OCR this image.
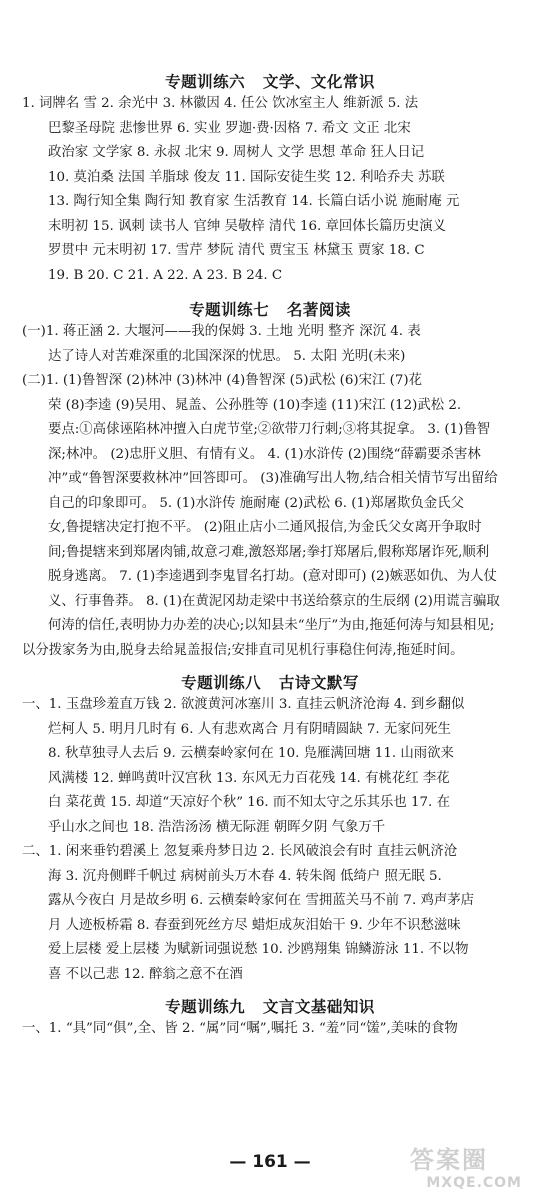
专题训练六   文学、文化常识

1. 词牌名 雪 2. 余光中 3. 林徽因 4. 任公 饮冰室主人 维新派 5. 法

巴黎圣母院 悲惨世界 6. 实业 罗迦·费·因格 7. 希文 文正 北宋

政治家 文学家 8. 永叔 北宋 9. 周树人 文学 思想 革命 狂人日记

10. 莫泊桑 法国 羊脂球 俊友 11. 国际安徒生奖 12. 利哈乔夫 苏联

13. 陶行知全集 陶行知 教育家 生活教育 14. 长篇白话小说 施耐庵 元

末明初 15. 讽刺 读书人 官绅 吴敬梓 清代 16. 章回体长篇历史演义

罗贯中 元末明初 17. 雪芹 梦阮 清代 贾宝玉 林黛玉 贾家 18. C

19. B 20. C 21. A 22. A 23. B 24. C

专题训练七   名著阅读

(一)1. 蒋正涵 2. 大堰河——我的保姆 3. 土地 光明 整齐 深沉 4. 表

达了诗人对苦难深重的北国深深的忧思。 5. 太阳 光明(未来)

(二)1. (1)鲁智深 (2)林冲 (3)林冲 (4)鲁智深 (5)武松 (6)宋江 (7)花

荣 (8)李逵 (9)吴用、晁盖、公孙胜等 (10)李逵 (11)宋江 (12)武松 2.

要点:①高俅诬陷林冲擅入白虎节堂;②欲带刀行刺;③将其捉拿。 3. (1)鲁智

深;林冲。 (2)忠肝义胆、有情有义。 4. (1)水浒传 (2)围绕“薛霸要杀害林

冲”或“鲁智深要救林冲”回答即可。 (3)准确写出人物,结合相关情节写出留给

自己的印象即可。 5. (1)水浒传 施耐庵 (2)武松 6. (1)郑屠欺负金氏父

女,鲁提辖决定打抱不平。 (2)阻止店小二通风报信,为金氏父女离开争取时

间;鲁提辖来到郑屠肉铺,故意刁难,激怒郑屠;拳打郑屠后,假称郑屠诈死,顺利

脱身逃离。 7. (1)李逵遇到李鬼冒名打劫。(意对即可) (2)嫉恶如仇、为人仗

义、行事鲁莽。 8. (1)在黄泥冈劫走梁中书送给蔡京的生辰纲 (2)用谎言骗取

何涛的信任,表明协力办差的决心;以知县未“坐厅”为由,拖延何涛与知县相见;

以分拨家务为由,脱身去给晁盖报信;安排直司见机行事稳住何涛,拖延时间。

专题训练八   古诗文默写

一、1. 玉盘珍羞直万钱 2. 欲渡黄河冰塞川 3. 直挂云帆济沧海 4. 到乡翻似

烂柯人 5. 明月几时有 6. 人有悲欢离合 月有阴晴圆缺 7. 无家问死生

8. 秋草独寻人去后 9. 云横秦岭家何在 10. 凫雁满回塘 11. 山雨欲来

风满楼 12. 蝉鸣黄叶汉宫秋 13. 东风无力百花残 14. 有桃花红 李花

白 菜花黄 15. 却道“天凉好个秋” 16. 而不知太守之乐其乐也 17. 在

乎山水之间也 18. 浩浩汤汤 横无际涯 朝晖夕阴 气象万千

二、1. 闲来垂钓碧溪上 忽复乘舟梦日边 2. 长风破浪会有时 直挂云帆济沧

海 3. 沉舟侧畔千帆过 病树前头万木春 4. 转朱阁 低绮户 照无眠 5.

露从今夜白 月是故乡明 6. 云横秦岭家何在 雪拥蓝关马不前 7. 鸡声茅店

月 人迹板桥霜 8. 春蚕到死丝方尽 蜡炬成灰泪始干 9. 少年不识愁滋味

爱上层楼 爱上层楼 为赋新词强说愁 10. 沙鸥翔集 锦鳞游泳 11. 不以物

喜 不以己悲 12. 醉翁之意不在酒

专题训练九   文言文基础知识

一、1. “具”同“俱”,全、皆 2. “属”同“嘱”,嘱托 3. “羞”同“馐”,美味的食物

— 161 —	答案圈
MXQE.COM
